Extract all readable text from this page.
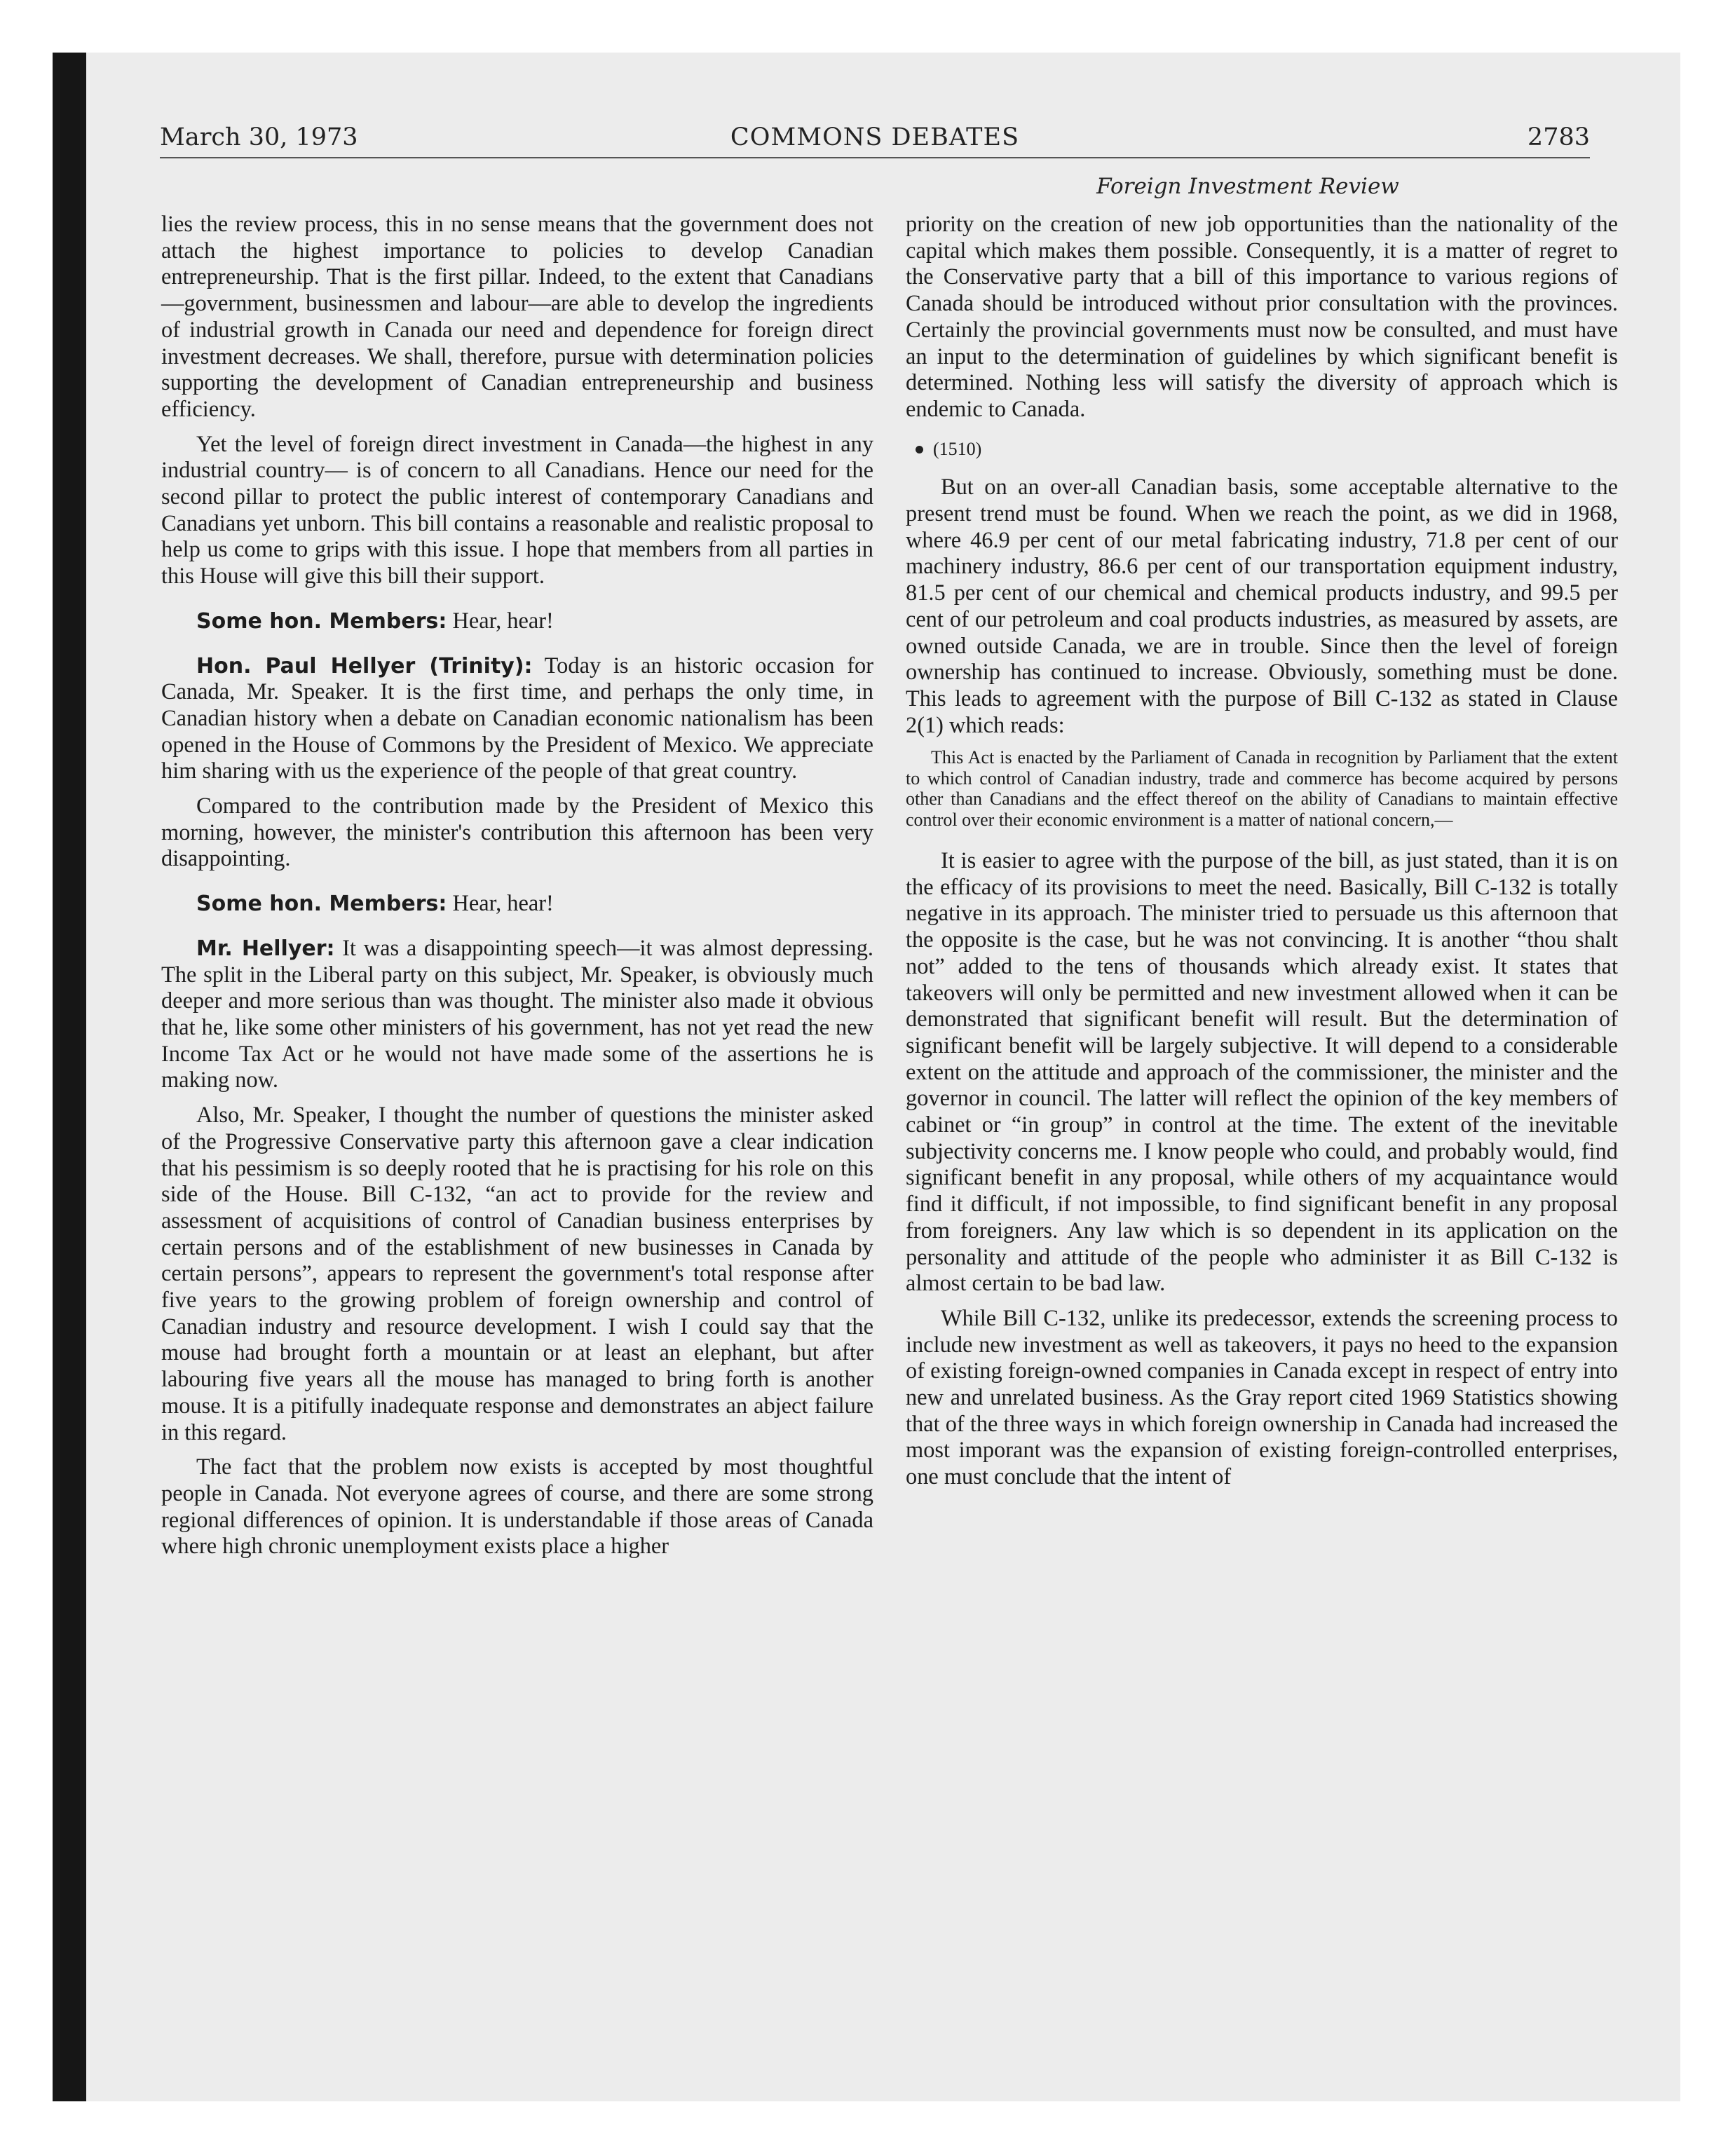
March 30, 1973	COMMONS DEBATES	2783
Foreign Investment Review

lies the review process, this in no sense means that the government does not attach the highest importance to policies to develop Canadian entrepreneurship. That is the first pillar. Indeed, to the extent that Canadians—government, businessmen and labour—are able to develop the ingredients of industrial growth in Canada our need and dependence for foreign direct investment decreases. We shall, therefore, pursue with determination policies supporting the development of Canadian entrepreneurship and business efficiency.

Yet the level of foreign direct investment in Canada—the highest in any industrial country— is of concern to all Canadians. Hence our need for the second pillar to protect the public interest of contemporary Canadians and Canadians yet unborn. This bill contains a reasonable and realistic proposal to help us come to grips with this issue. I hope that members from all parties in this House will give this bill their support.

Some hon. Members: Hear, hear!

Hon. Paul Hellyer (Trinity): Today is an historic occasion for Canada, Mr. Speaker. It is the first time, and perhaps the only time, in Canadian history when a debate on Canadian economic nationalism has been opened in the House of Commons by the President of Mexico. We appreciate him sharing with us the experience of the people of that great country.

Compared to the contribution made by the President of Mexico this morning, however, the minister's contribution this afternoon has been very disappointing.

Some hon. Members: Hear, hear!

Mr. Hellyer: It was a disappointing speech—it was almost depressing. The split in the Liberal party on this subject, Mr. Speaker, is obviously much deeper and more serious than was thought. The minister also made it obvious that he, like some other ministers of his government, has not yet read the new Income Tax Act or he would not have made some of the assertions he is making now.

Also, Mr. Speaker, I thought the number of questions the minister asked of the Progressive Conservative party this afternoon gave a clear indication that his pessimism is so deeply rooted that he is practising for his role on this side of the House. Bill C-132, “an act to provide for the review and assessment of acquisitions of control of Canadian business enterprises by certain persons and of the establishment of new businesses in Canada by certain persons”, appears to represent the government's total response after five years to the growing problem of foreign ownership and control of Canadian industry and resource development. I wish I could say that the mouse had brought forth a mountain or at least an elephant, but after labouring five years all the mouse has managed to bring forth is another mouse. It is a pitifully inadequate response and demonstrates an abject failure in this regard.

The fact that the problem now exists is accepted by most thoughtful people in Canada. Not everyone agrees of course, and there are some strong regional differences of opinion. It is understandable if those areas of Canada where high chronic unemployment exists place a higher

priority on the creation of new job opportunities than the nationality of the capital which makes them possible. Consequently, it is a matter of regret to the Conservative party that a bill of this importance to various regions of Canada should be introduced without prior consultation with the provinces. Certainly the provincial governments must now be consulted, and must have an input to the determination of guidelines by which significant benefit is determined. Nothing less will satisfy the diversity of approach which is endemic to Canada.

(1510)

But on an over-all Canadian basis, some acceptable alternative to the present trend must be found. When we reach the point, as we did in 1968, where 46.9 per cent of our metal fabricating industry, 71.8 per cent of our machinery industry, 86.6 per cent of our transportation equipment industry, 81.5 per cent of our chemical and chemical products industry, and 99.5 per cent of our petroleum and coal products industries, as measured by assets, are owned outside Canada, we are in trouble. Since then the level of foreign ownership has continued to increase. Obviously, something must be done. This leads to agreement with the purpose of Bill C-132 as stated in Clause 2(1) which reads:

This Act is enacted by the Parliament of Canada in recognition by Parliament that the extent to which control of Canadian industry, trade and commerce has become acquired by persons other than Canadians and the effect thereof on the ability of Canadians to maintain effective control over their economic environment is a matter of national concern,—

It is easier to agree with the purpose of the bill, as just stated, than it is on the efficacy of its provisions to meet the need. Basically, Bill C-132 is totally negative in its approach. The minister tried to persuade us this afternoon that the opposite is the case, but he was not convincing. It is another “thou shalt not” added to the tens of thousands which already exist. It states that takeovers will only be permitted and new investment allowed when it can be demonstrated that significant benefit will result. But the determination of significant benefit will be largely subjective. It will depend to a considerable extent on the attitude and approach of the commissioner, the minister and the governor in council. The latter will reflect the opinion of the key members of cabinet or “in group” in control at the time. The extent of the inevitable subjectivity concerns me. I know people who could, and probably would, find significant benefit in any proposal, while others of my acquaintance would find it difficult, if not impossible, to find significant benefit in any proposal from foreigners. Any law which is so dependent in its application on the personality and attitude of the people who administer it as Bill C-132 is almost certain to be bad law.

While Bill C-132, unlike its predecessor, extends the screening process to include new investment as well as takeovers, it pays no heed to the expansion of existing foreign-owned companies in Canada except in respect of entry into new and unrelated business. As the Gray report cited 1969 Statistics showing that of the three ways in which foreign ownership in Canada had increased the most imporant was the expansion of existing foreign-controlled enterprises, one must conclude that the intent of
